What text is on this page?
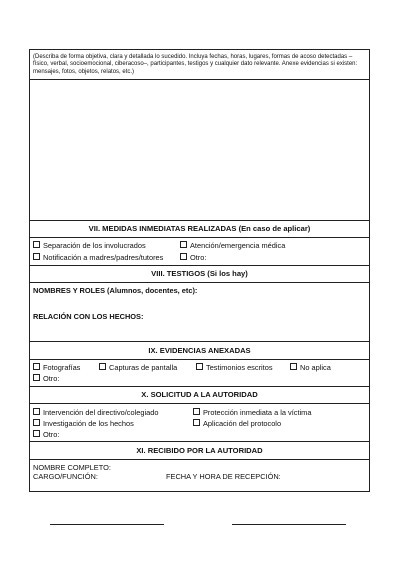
(Describa de forma objetiva, clara y detallada lo sucedido. Incluya fechas, horas, lugares, formas de acoso detectadas – físico, verbal, socioemocional, ciberacoso–, participantes, testigos y cualquier dato relevante. Anexe evidencias si existen: mensajes, fotos, objetos, relatos, etc.)
VII. MEDIDAS INMEDIATAS REALIZADAS (En caso de aplicar)
Separación de los involucrados	Atención/emergencia médica
Notificación a madres/padres/tutores	Otro:
VIII. TESTIGOS (Si los hay)
NOMBRES Y ROLES (Alumnos, docentes, etc):
RELACIÓN CON LOS HECHOS:
IX. EVIDENCIAS ANEXADAS
Fotografías	Capturas de pantalla	Testimonios escritos	No aplica
Otro:
X. SOLICITUD A LA AUTORIDAD
Intervención del directivo/colegiado	Protección inmediata a la víctima
Investigación de los hechos	Aplicación del protocolo
Otro:
XI. RECIBIDO POR LA AUTORIDAD
NOMBRE COMPLETO:
CARGO/FUNCIÓN:	FECHA Y HORA DE RECEPCIÓN:
